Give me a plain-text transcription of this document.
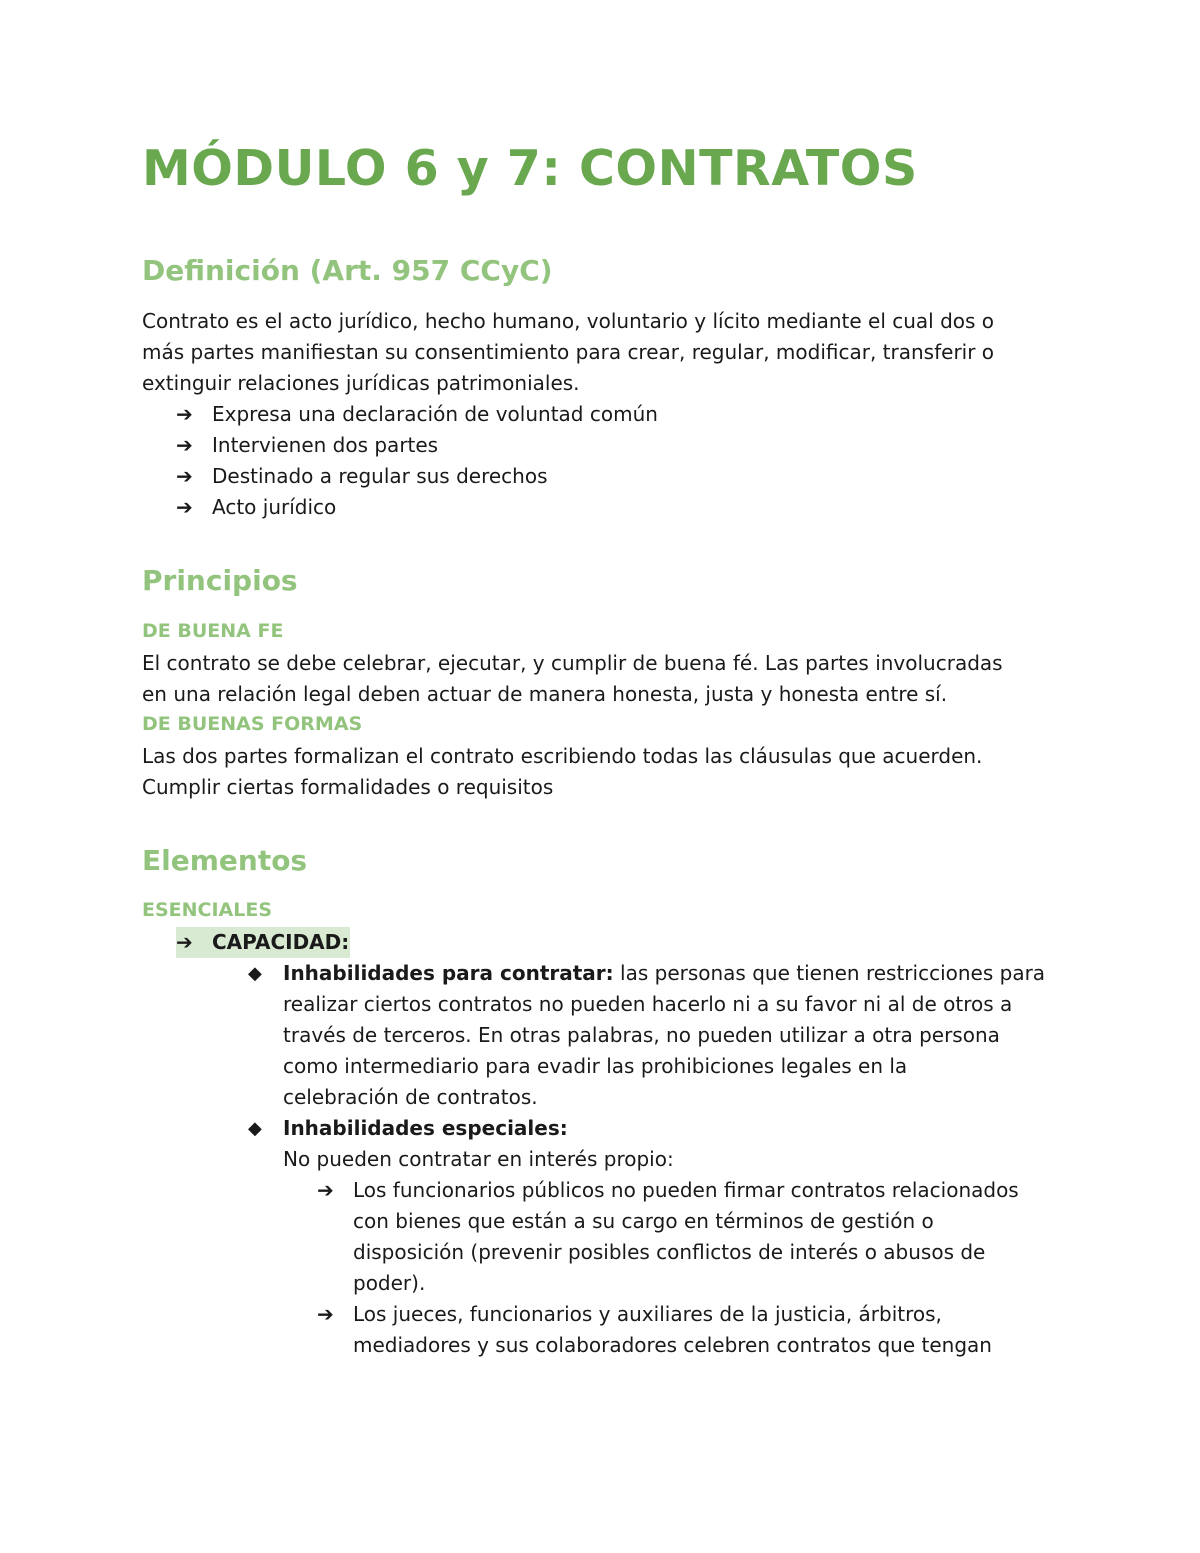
MÓDULO 6 y 7: CONTRATOS
Definición (Art. 957 CCyC)
Contrato es el acto jurídico, hecho humano, voluntario y lícito mediante el cual dos o
más partes manifiestan su consentimiento para crear, regular, modificar, transferir o
extinguir relaciones jurídicas patrimoniales.
➔ Expresa una declaración de voluntad común
➔ Intervienen dos partes
➔ Destinado a regular sus derechos
➔ Acto jurídico
Principios
DE BUENA FE
El contrato se debe celebrar, ejecutar, y cumplir de buena fé. Las partes involucradas
en una relación legal deben actuar de manera honesta, justa y honesta entre sí.
DE BUENAS FORMAS
Las dos partes formalizan el contrato escribiendo todas las cláusulas que acuerden.
Cumplir ciertas formalidades o requisitos
Elementos
ESENCIALES
➔ CAPACIDAD:
◆ Inhabilidades para contratar: las personas que tienen restricciones para
realizar ciertos contratos no pueden hacerlo ni a su favor ni al de otros a
través de terceros. En otras palabras, no pueden utilizar a otra persona
como intermediario para evadir las prohibiciones legales en la
celebración de contratos.
◆ Inhabilidades especiales:
No pueden contratar en interés propio:
➔ Los funcionarios públicos no pueden firmar contratos relacionados
con bienes que están a su cargo en términos de gestión o
disposición (prevenir posibles conflictos de interés o abusos de
poder).
➔ Los jueces, funcionarios y auxiliares de la justicia, árbitros,
mediadores y sus colaboradores celebren contratos que tengan
